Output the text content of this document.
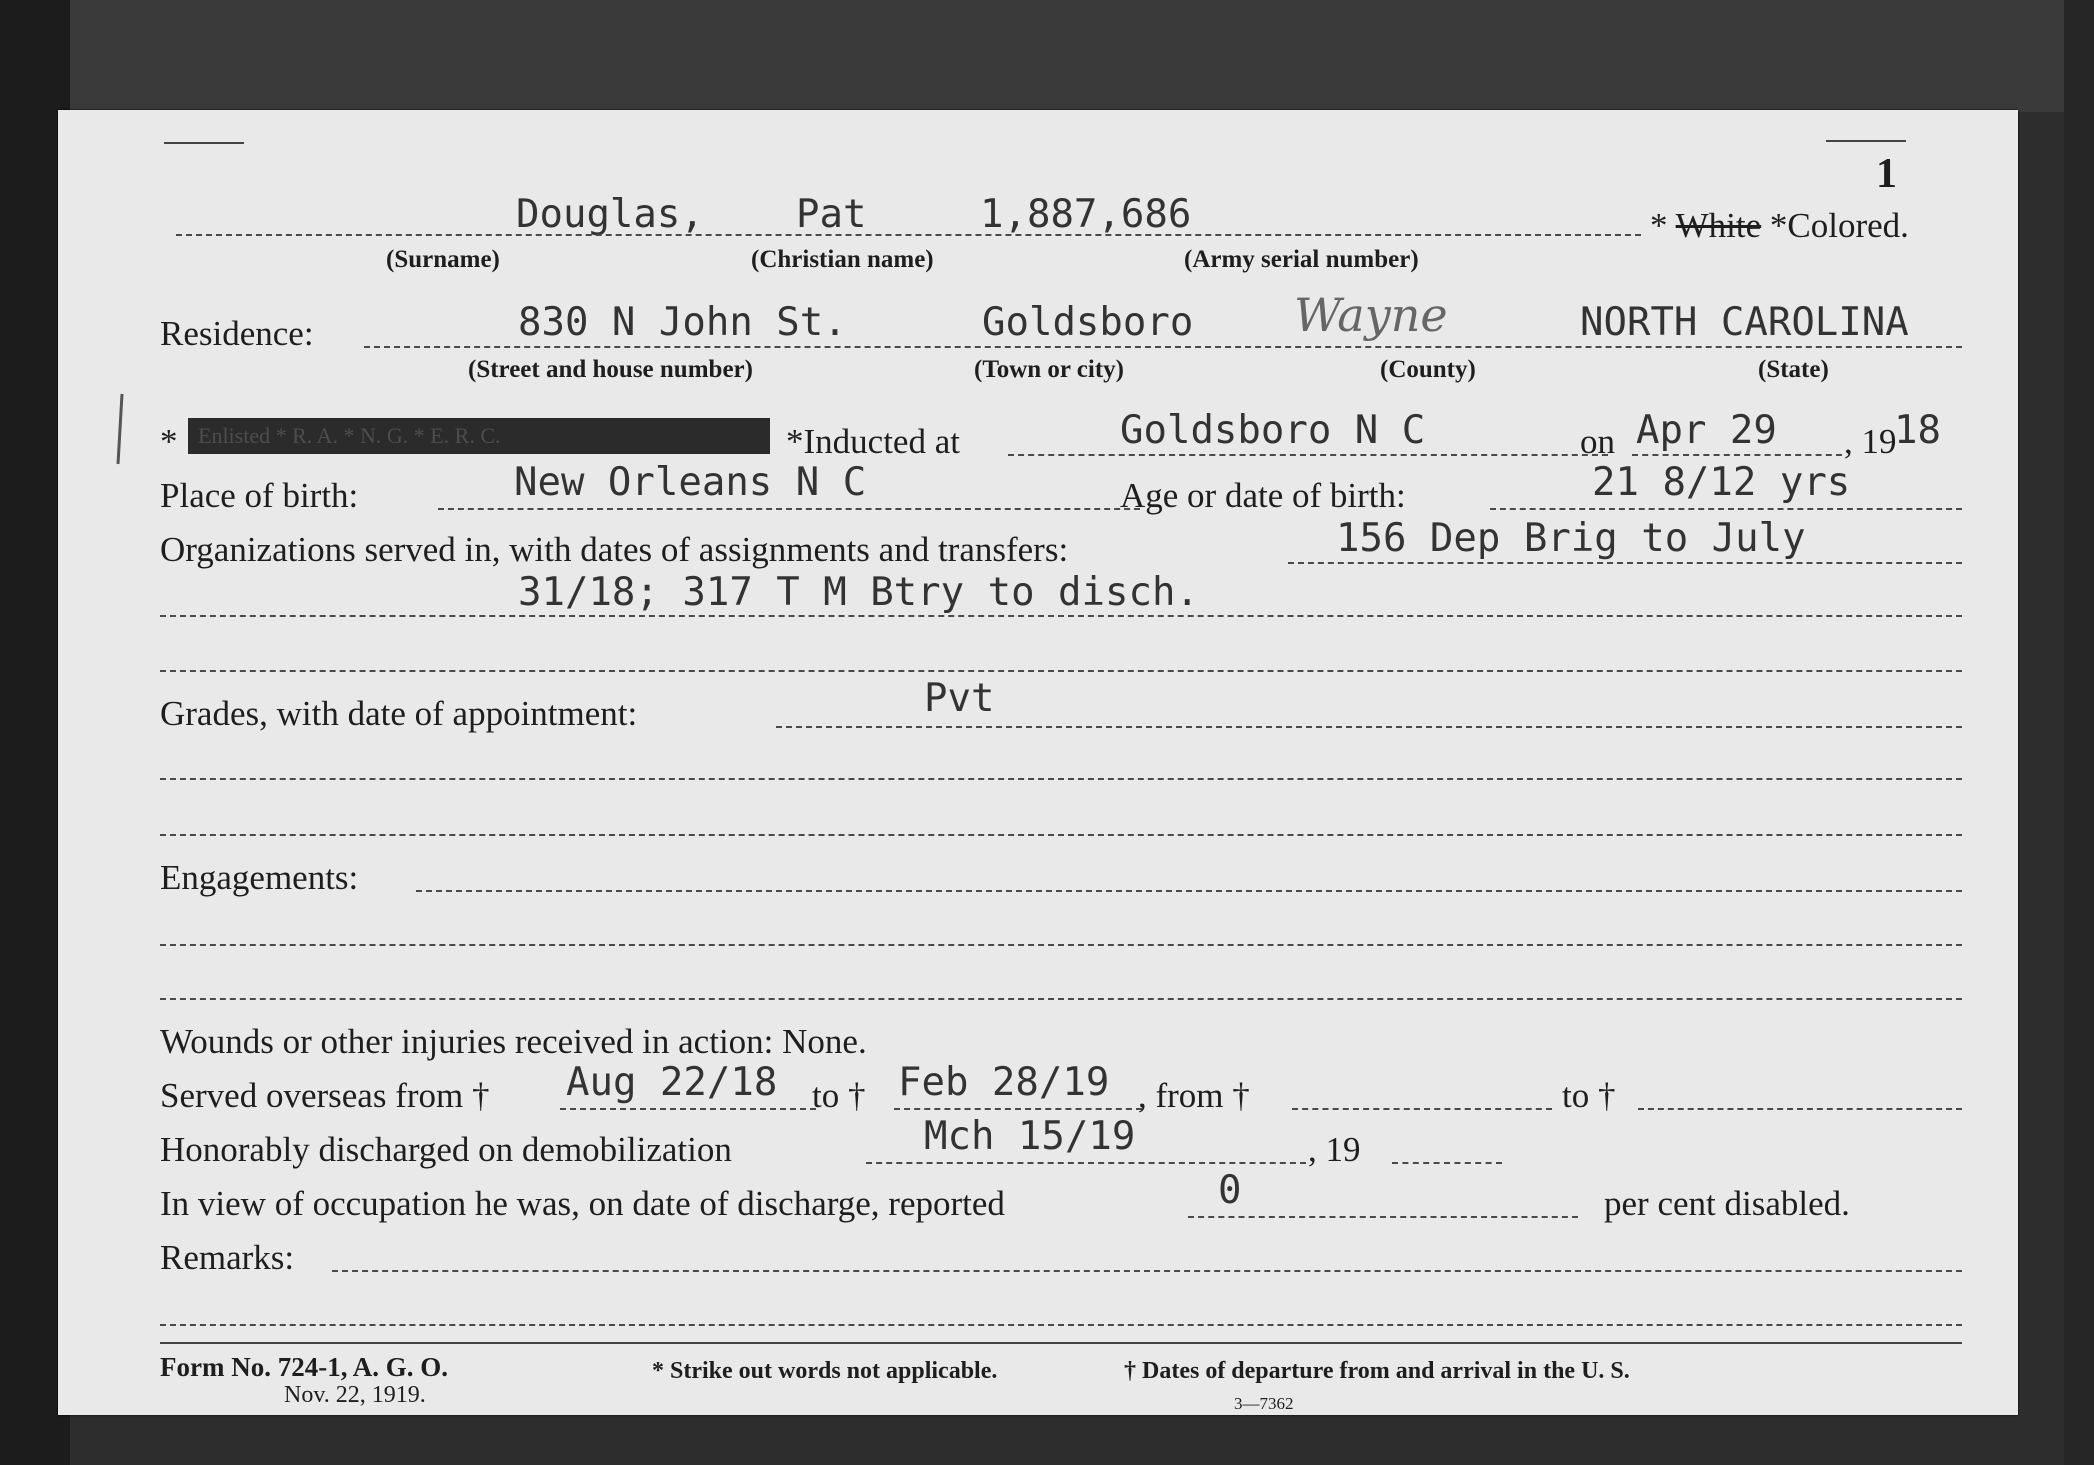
1
Douglas, Pat	1,887,686	* White *Colored.
(Surname)	(Christian name)	(Army serial number)
Residence:	830 N John St.	Goldsboro Wayne	NORTH CAROLINA
(Street and house number)	(Town or city)	(County)	(State)
* Enlisted * R. A. * N. G. * E. R. C.	*Inducted at	Goldsboro N C	on Apr 29 , 19
18
Place of birth:	New Orleans N C	Age or date of birth:	21 8/12 yrs
Organizations served in, with dates of assignments and transfers:	156 Dep Brig to July
31/18; 317 T M Btry to disch.
Grades, with date of appointment:	Pvt
Engagements:
Wounds or other injuries received in action: None.
Served overseas from † Aug 22/18 to † Feb 28/19 , from †	to †
Honorably discharged on demobilization	Mch 15/19	, 19
In view of occupation he was, on date of discharge, reported	0	per cent disabled.
Remarks:
Form No. 724-1, A. G. O.
Nov. 22, 1919.
* Strike out words not applicable.	† Dates of departure from and arrival in the U. S.
3—7362
